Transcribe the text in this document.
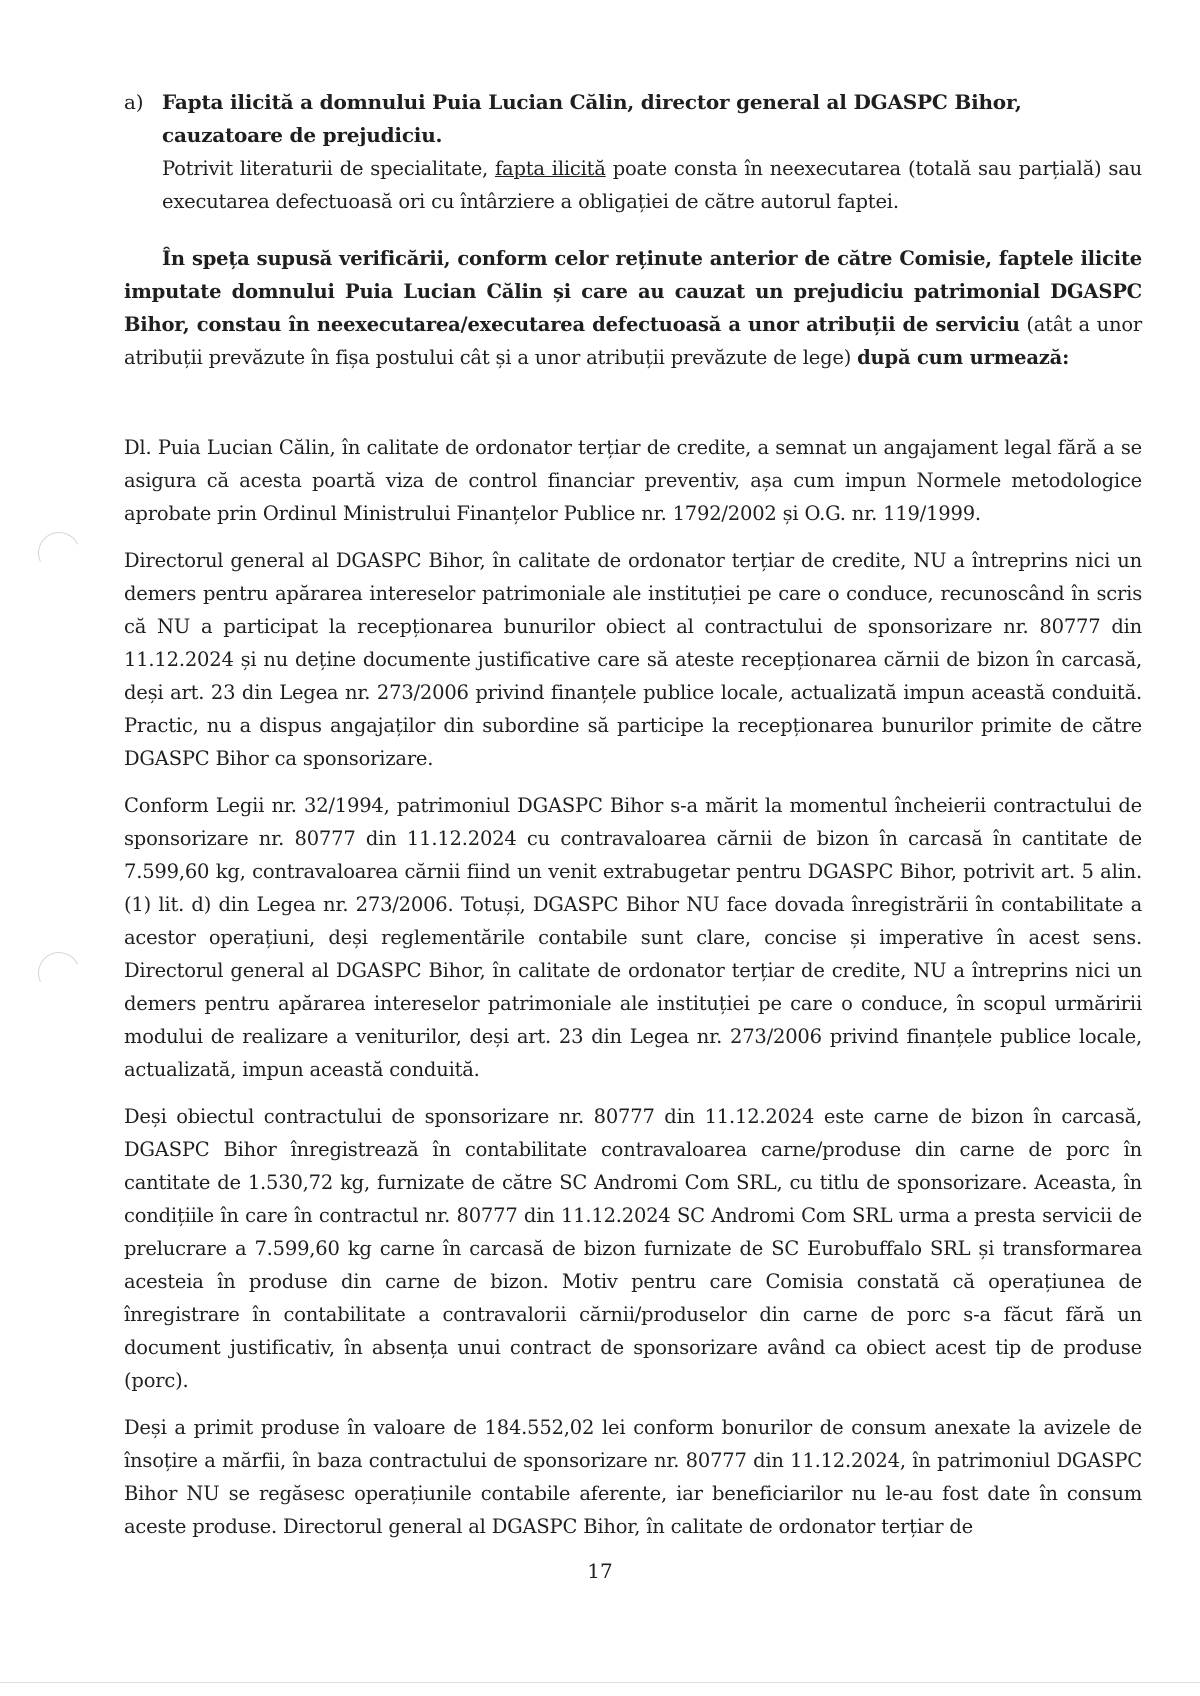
a) Fapta ilicită a domnului Puia Lucian Călin, director general al DGASPC Bihor, cauzatoare de prejudiciu.

Potrivit literaturii de specialitate, fapta ilicită poate consta în neexecutarea (totală sau parțială) sau executarea defectuoasă ori cu întârziere a obligației de către autorul faptei.

În speța supusă verificării, conform celor reținute anterior de către Comisie, faptele ilicite imputate domnului Puia Lucian Călin și care au cauzat un prejudiciu patrimonial DGASPC Bihor, constau în neexecutarea/executarea defectuoasă a unor atribuții de serviciu (atât a unor atribuții prevăzute în fișa postului cât și a unor atribuții prevăzute de lege) după cum urmează:

Dl. Puia Lucian Călin, în calitate de ordonator terțiar de credite, a semnat un angajament legal fără a se asigura că acesta poartă viza de control financiar preventiv, așa cum impun Normele metodologice aprobate prin Ordinul Ministrului Finanțelor Publice nr. 1792/2002 și O.G. nr. 119/1999.

Directorul general al DGASPC Bihor, în calitate de ordonator terțiar de credite, NU a întreprins nici un demers pentru apărarea intereselor patrimoniale ale instituției pe care o conduce, recunoscând în scris că NU a participat la recepționarea bunurilor obiect al contractului de sponsorizare nr. 80777 din 11.12.2024 și nu deține documente justificative care să ateste recepționarea cărnii de bizon în carcasă, deși art. 23 din Legea nr. 273/2006 privind finanțele publice locale, actualizată impun această conduită. Practic, nu a dispus angajaților din subordine să participe la recepționarea bunurilor primite de către DGASPC Bihor ca sponsorizare.

Conform Legii nr. 32/1994, patrimoniul DGASPC Bihor s-a mărit la momentul încheierii contractului de sponsorizare nr. 80777 din 11.12.2024 cu contravaloarea cărnii de bizon în carcasă în cantitate de 7.599,60 kg, contravaloarea cărnii fiind un venit extrabugetar pentru DGASPC Bihor, potrivit art. 5 alin. (1) lit. d) din Legea nr. 273/2006. Totuși, DGASPC Bihor NU face dovada înregistrării în contabilitate a acestor operațiuni, deși reglementările contabile sunt clare, concise și imperative în acest sens. Directorul general al DGASPC Bihor, în calitate de ordonator terțiar de credite, NU a întreprins nici un demers pentru apărarea intereselor patrimoniale ale instituției pe care o conduce, în scopul urmăririi modului de realizare a veniturilor, deși art. 23 din Legea nr. 273/2006 privind finanțele publice locale, actualizată, impun această conduită.

Deși obiectul contractului de sponsorizare nr. 80777 din 11.12.2024 este carne de bizon în carcasă, DGASPC Bihor înregistrează în contabilitate contravaloarea carne/produse din carne de porc în cantitate de 1.530,72 kg, furnizate de către SC Andromi Com SRL, cu titlu de sponsorizare. Aceasta, în condițiile în care în contractul nr. 80777 din 11.12.2024 SC Andromi Com SRL urma a presta servicii de prelucrare a 7.599,60 kg carne în carcasă de bizon furnizate de SC Eurobuffalo SRL și transformarea acesteia în produse din carne de bizon. Motiv pentru care Comisia constată că operațiunea de înregistrare în contabilitate a contravalorii cărnii/produselor din carne de porc s-a făcut fără un document justificativ, în absența unui contract de sponsorizare având ca obiect acest tip de produse (porc).

Deși a primit produse în valoare de 184.552,02 lei conform bonurilor de consum anexate la avizele de însoțire a mărfii, în baza contractului de sponsorizare nr. 80777 din 11.12.2024, în patrimoniul DGASPC Bihor NU se regăsesc operațiunile contabile aferente, iar beneficiarilor nu le-au fost date în consum aceste produse. Directorul general al DGASPC Bihor, în calitate de ordonator terțiar de

17
